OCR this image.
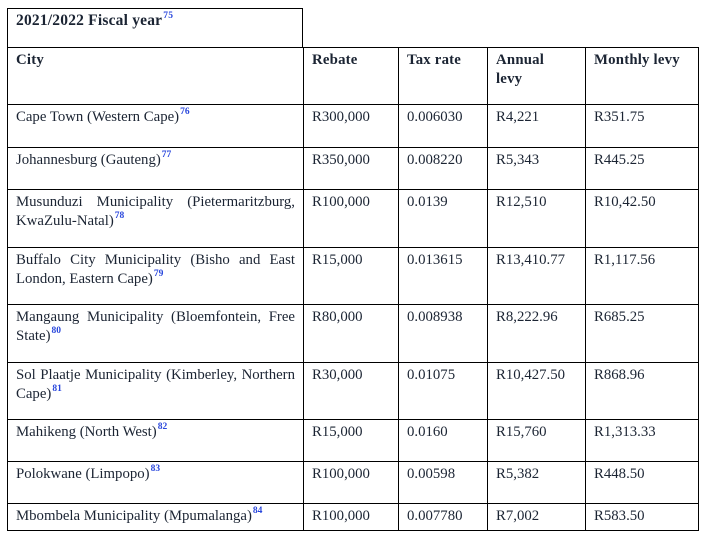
2021/2022 Fiscal year$^{75}$
City	Rebate	Tax rate	Annual levy	Monthly levy
Cape Town (Western Cape)$^{76}$	R300,000	0.006030	R4,221	R351.75
Johannesburg (Gauteng)$^{77}$	R350,000	0.008220	R5,343	R445.25
Musunduzi Municipality (Pietermaritzburg, KwaZulu-Natal)$^{78}$	R100,000	0.0139	R12,510	R10,42.50
Buffalo City Municipality (Bisho and East London, Eastern Cape)$^{79}$	R15,000	0.013615	R13,410.77	R1,117.56
Mangaung Municipality (Bloemfontein, Free State)$^{80}$	R80,000	0.008938	R8,222.96	R685.25
Sol Plaatje Municipality (Kimberley, Northern Cape)$^{81}$	R30,000	0.01075	R10,427.50	R868.96
Mahikeng (North West)$^{82}$	R15,000	0.0160	R15,760	R1,313.33
Polokwane (Limpopo)$^{83}$	R100,000	0.00598	R5,382	R448.50
Mbombela Municipality (Mpumalanga)$^{84}$	R100,000	0.007780	R7,002	R583.50
